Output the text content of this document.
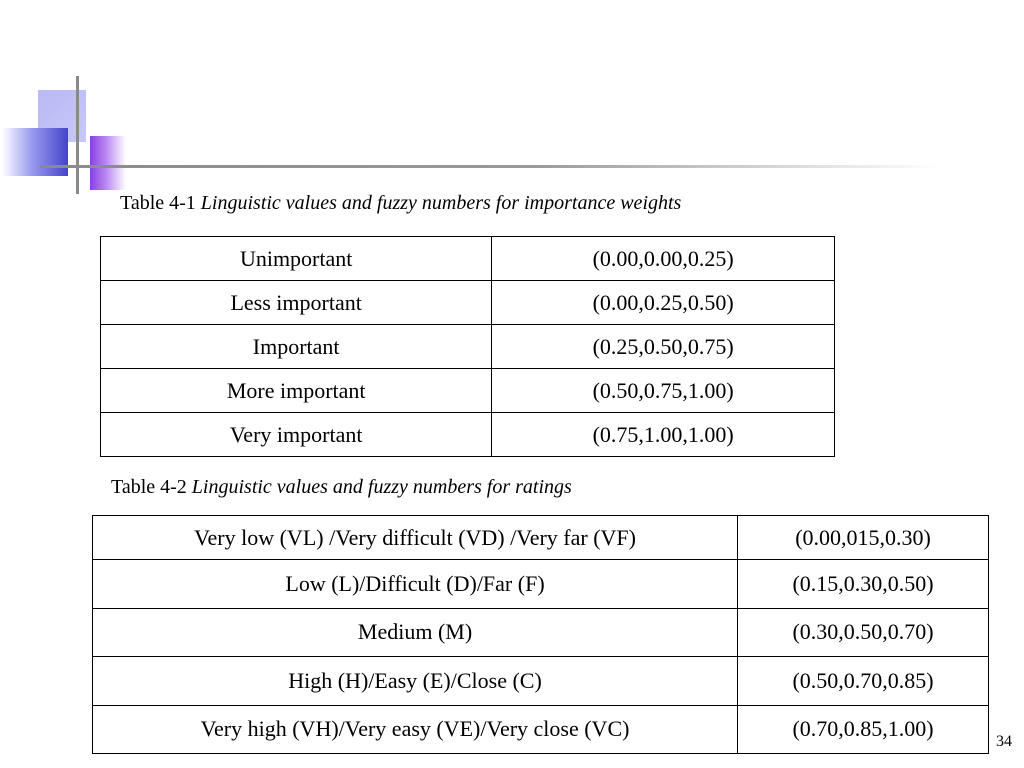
Table 4-1 Linguistic values and fuzzy numbers for importance weights
Unimportant	(0.00,0.00,0.25)
Less important	(0.00,0.25,0.50)
Important	(0.25,0.50,0.75)
More important	(0.50,0.75,1.00)
Very important	(0.75,1.00,1.00)
Table 4-2 Linguistic values and fuzzy numbers for ratings
Very low (VL) /Very difficult (VD) /Very far (VF)	(0.00,015,0.30)
Low (L)/Difficult (D)/Far (F)	(0.15,0.30,0.50)
Medium (M)	(0.30,0.50,0.70)
High (H)/Easy (E)/Close (C)	(0.50,0.70,0.85)
Very high (VH)/Very easy (VE)/Very close (VC)	(0.70,0.85,1.00)
34
